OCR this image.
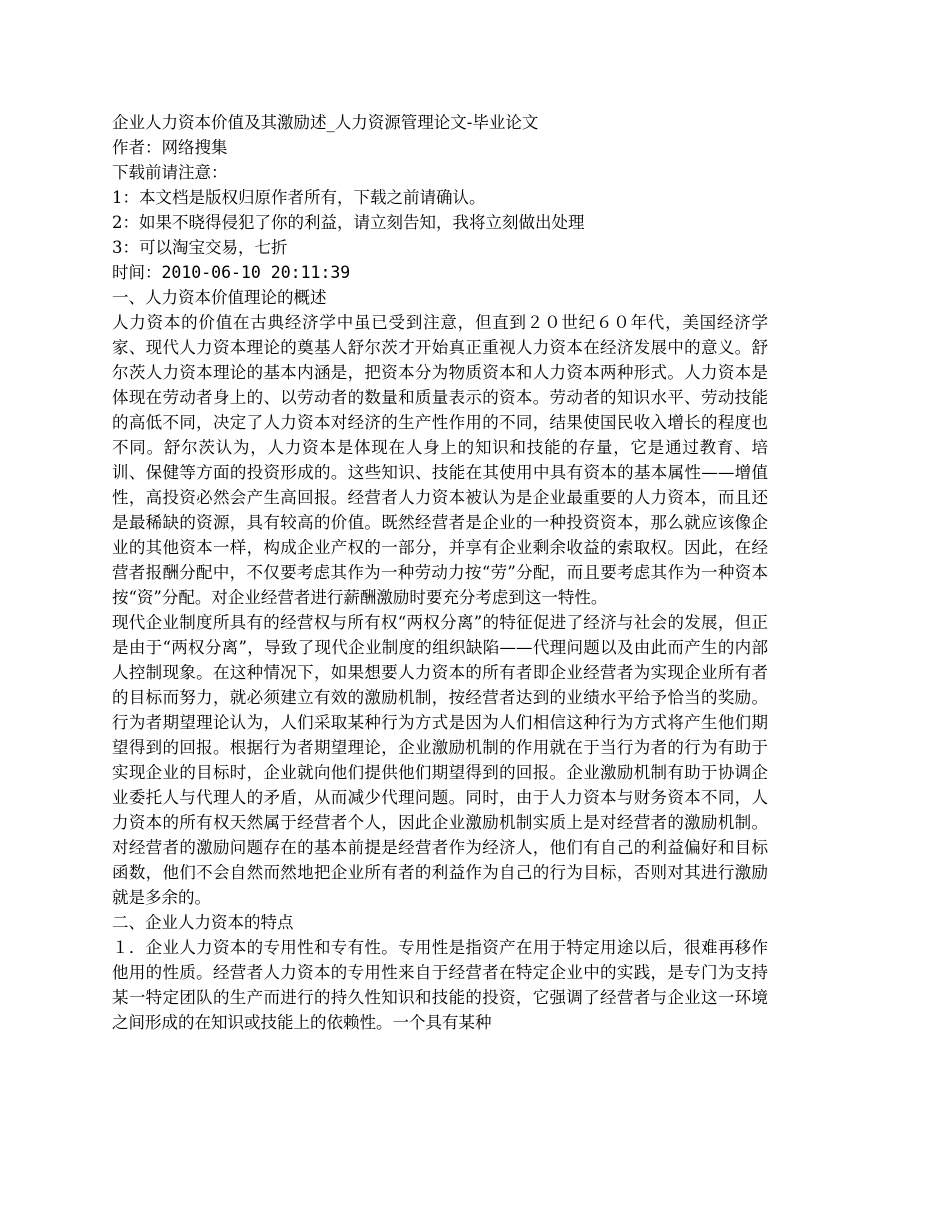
企业人力资本价值及其激励述_人力资源管理论文-毕业论文
作者：网络搜集
下载前请注意：
1：本文档是版权归原作者所有，下载之前请确认。
2：如果不晓得侵犯了你的利益，请立刻告知，我将立刻做出处理
3：可以淘宝交易，七折
时间：2010-06-10 20:11:39
一、人力资本价值理论的概述
人力资本的价值在古典经济学中虽已受到注意，但直到２０世纪６０年代，美国经济学家、现代人力资本理论的奠基人舒尔茨才开始真正重视人力资本在经济发展中的意义。舒尔茨人力资本理论的基本内涵是，把资本分为物质资本和人力资本两种形式。人力资本是体现在劳动者身上的、以劳动者的数量和质量表示的资本。劳动者的知识水平、劳动技能的高低不同，决定了人力资本对经济的生产性作用的不同，结果使国民收入增长的程度也不同。舒尔茨认为，人力资本是体现在人身上的知识和技能的存量，它是通过教育、培训、保健等方面的投资形成的。这些知识、技能在其使用中具有资本的基本属性——增值性，高投资必然会产生高回报。经营者人力资本被认为是企业最重要的人力资本，而且还是最稀缺的资源，具有较高的价值。既然经营者是企业的一种投资资本，那么就应该像企业的其他资本一样，构成企业产权的一部分，并享有企业剩余收益的索取权。因此，在经营者报酬分配中，不仅要考虑其作为一种劳动力按“劳”分配，而且要考虑其作为一种资本按“资”分配。对企业经营者进行薪酬激励时要充分考虑到这一特性。
现代企业制度所具有的经营权与所有权“两权分离”的特征促进了经济与社会的发展，但正是由于“两权分离”，导致了现代企业制度的组织缺陷——代理问题以及由此而产生的内部人控制现象。在这种情况下，如果想要人力资本的所有者即企业经营者为实现企业所有者的目标而努力，就必须建立有效的激励机制，按经营者达到的业绩水平给予恰当的奖励。行为者期望理论认为，人们采取某种行为方式是因为人们相信这种行为方式将产生他们期望得到的回报。根据行为者期望理论，企业激励机制的作用就在于当行为者的行为有助于实现企业的目标时，企业就向他们提供他们期望得到的回报。企业激励机制有助于协调企业委托人与代理人的矛盾，从而减少代理问题。同时，由于人力资本与财务资本不同，人力资本的所有权天然属于经营者个人，因此企业激励机制实质上是对经营者的激励机制。对经营者的激励问题存在的基本前提是经营者作为经济人，他们有自己的利益偏好和目标函数，他们不会自然而然地把企业所有者的利益作为自己的行为目标，否则对其进行激励就是多余的。
二、企业人力资本的特点
１．企业人力资本的专用性和专有性。专用性是指资产在用于特定用途以后，很难再移作他用的性质。经营者人力资本的专用性来自于经营者在特定企业中的实践，是专门为支持某一特定团队的生产而进行的持久性知识和技能的投资，它强调了经营者与企业这一环境之间形成的在知识或技能上的依赖性。一个具有某种
